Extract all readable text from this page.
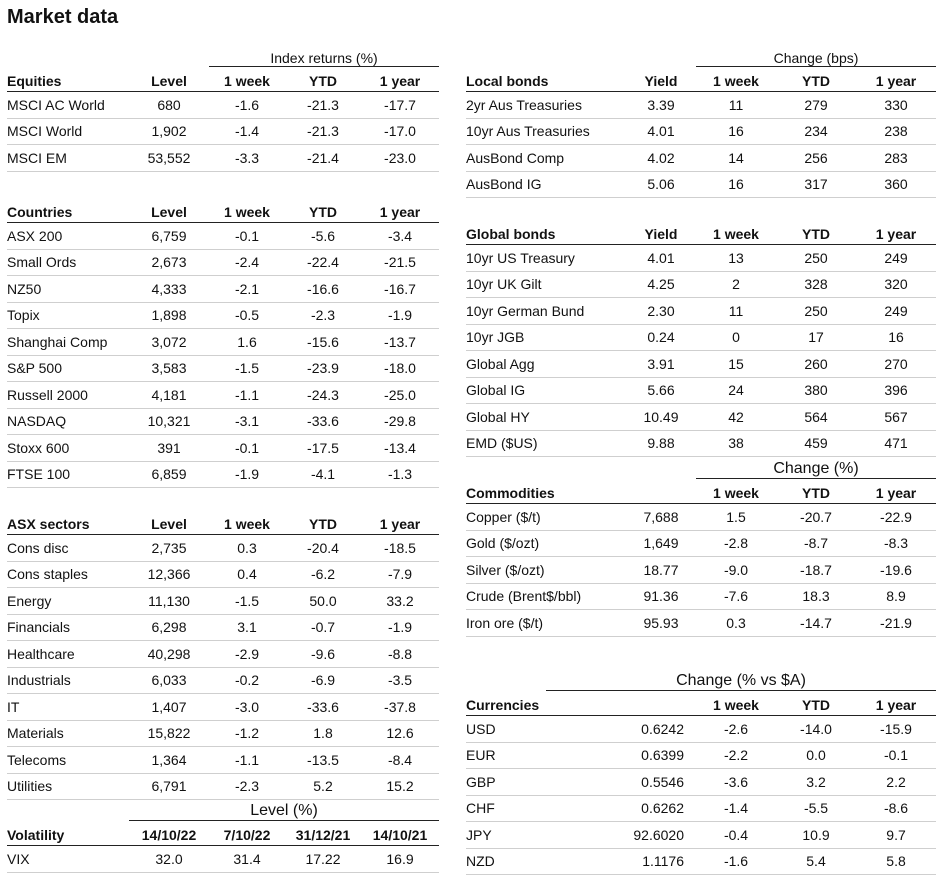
Market data
		Index returns (%)		
Equities	Level	1 week	YTD	1 year
MSCI AC World	680	-1.6	-21.3	-17.7
MSCI World	1,902	-1.4	-21.3	-17.0
MSCI EM	53,552	-3.3	-21.4	-23.0
Countries	Level	1 week	YTD	1 year
ASX 200	6,759	-0.1	-5.6	-3.4
Small Ords	2,673	-2.4	-22.4	-21.5
NZ50	4,333	-2.1	-16.6	-16.7
Topix	1,898	-0.5	-2.3	-1.9
Shanghai Comp	3,072	1.6	-15.6	-13.7
S&P 500	3,583	-1.5	-23.9	-18.0
Russell 2000	4,181	-1.1	-24.3	-25.0
NASDAQ	10,321	-3.1	-33.6	-29.8
Stoxx 600	391	-0.1	-17.5	-13.4
FTSE 100	6,859	-1.9	-4.1	-1.3
ASX sectors	Level	1 week	YTD	1 year
Cons disc	2,735	0.3	-20.4	-18.5
Cons staples	12,366	0.4	-6.2	-7.9
Energy	11,130	-1.5	50.0	33.2
Financials	6,298	3.1	-0.7	-1.9
Healthcare	40,298	-2.9	-9.6	-8.8
Industrials	6,033	-0.2	-6.9	-3.5
IT	1,407	-3.0	-33.6	-37.8
Materials	15,822	-1.2	1.8	12.6
Telecoms	1,364	-1.1	-13.5	-8.4
Utilities	6,791	-2.3	5.2	15.2
	Level (%)			
Volatility	14/10/22	7/10/22	31/12/21	14/10/21
VIX	32.0	31.4	17.22	16.9
		Change (bps)		
Local bonds	Yield	1 week	YTD	1 year
2yr Aus Treasuries	3.39	11	279	330
10yr Aus Treasuries	4.01	16	234	238
AusBond Comp	4.02	14	256	283
AusBond IG	5.06	16	317	360
Global bonds	Yield	1 week	YTD	1 year
10yr US Treasury	4.01	13	250	249
10yr UK Gilt	4.25	2	328	320
10yr German Bund	2.30	11	250	249
10yr JGB	0.24	0	17	16
Global Agg	3.91	15	260	270
Global IG	5.66	24	380	396
Global HY	10.49	42	564	567
EMD ($US)	9.88	38	459	471
		Change (%)		
Commodities		1 week	YTD	1 year
Copper ($/t)	7,688	1.5	-20.7	-22.9
Gold ($/ozt)	1,649	-2.8	-8.7	-8.3
Silver ($/ozt)	18.77	-9.0	-18.7	-19.6
Crude (Brent$/bbl)	91.36	-7.6	18.3	8.9
Iron ore ($/t)	95.93	0.3	-14.7	-21.9
	Change (% vs $A)			
Currencies		1 week	YTD	1 year
USD	0.6242	-2.6	-14.0	-15.9
EUR	0.6399	-2.2	0.0	-0.1
GBP	0.5546	-3.6	3.2	2.2
CHF	0.6262	-1.4	-5.5	-8.6
JPY	92.6020	-0.4	10.9	9.7
NZD	1.1176	-1.6	5.4	5.8
